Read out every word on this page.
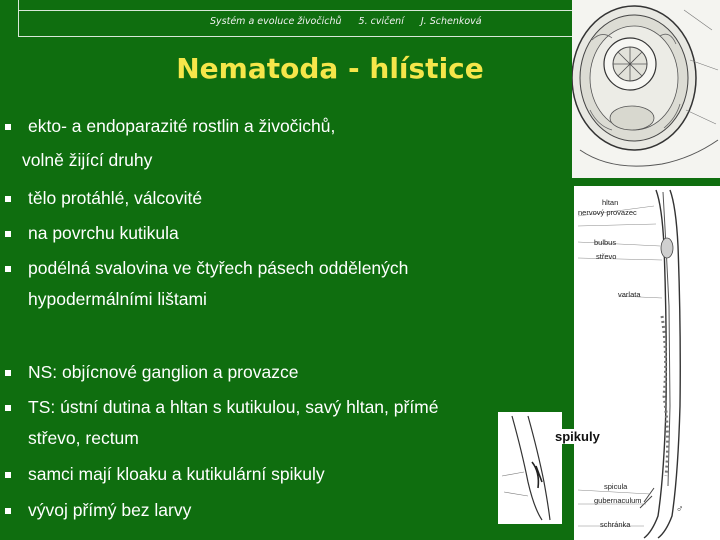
Systém a evoluce živočichů 5. cvičení J. Schenková
Nematoda - hlístice
ekto- a endoparazité rostlin a živočichů,
volně žijící druhy
tělo protáhlé, válcovité
na povrchu kutikula
podélná svalovina ve čtyřech pásech oddělených
hypodermálními lištami
NS: objícnové ganglion a provazce
TS: ústní dutina a hltan s kutikulou, savý hltan, přímé
střevo, rectum
samci mají kloaku a kutikulární spikuly
vývoj přímý bez larvy
hltan
nervový provazec
bulbus
střevo
varlata
spicula
gubernaculum
schránka
♂
spikuly
